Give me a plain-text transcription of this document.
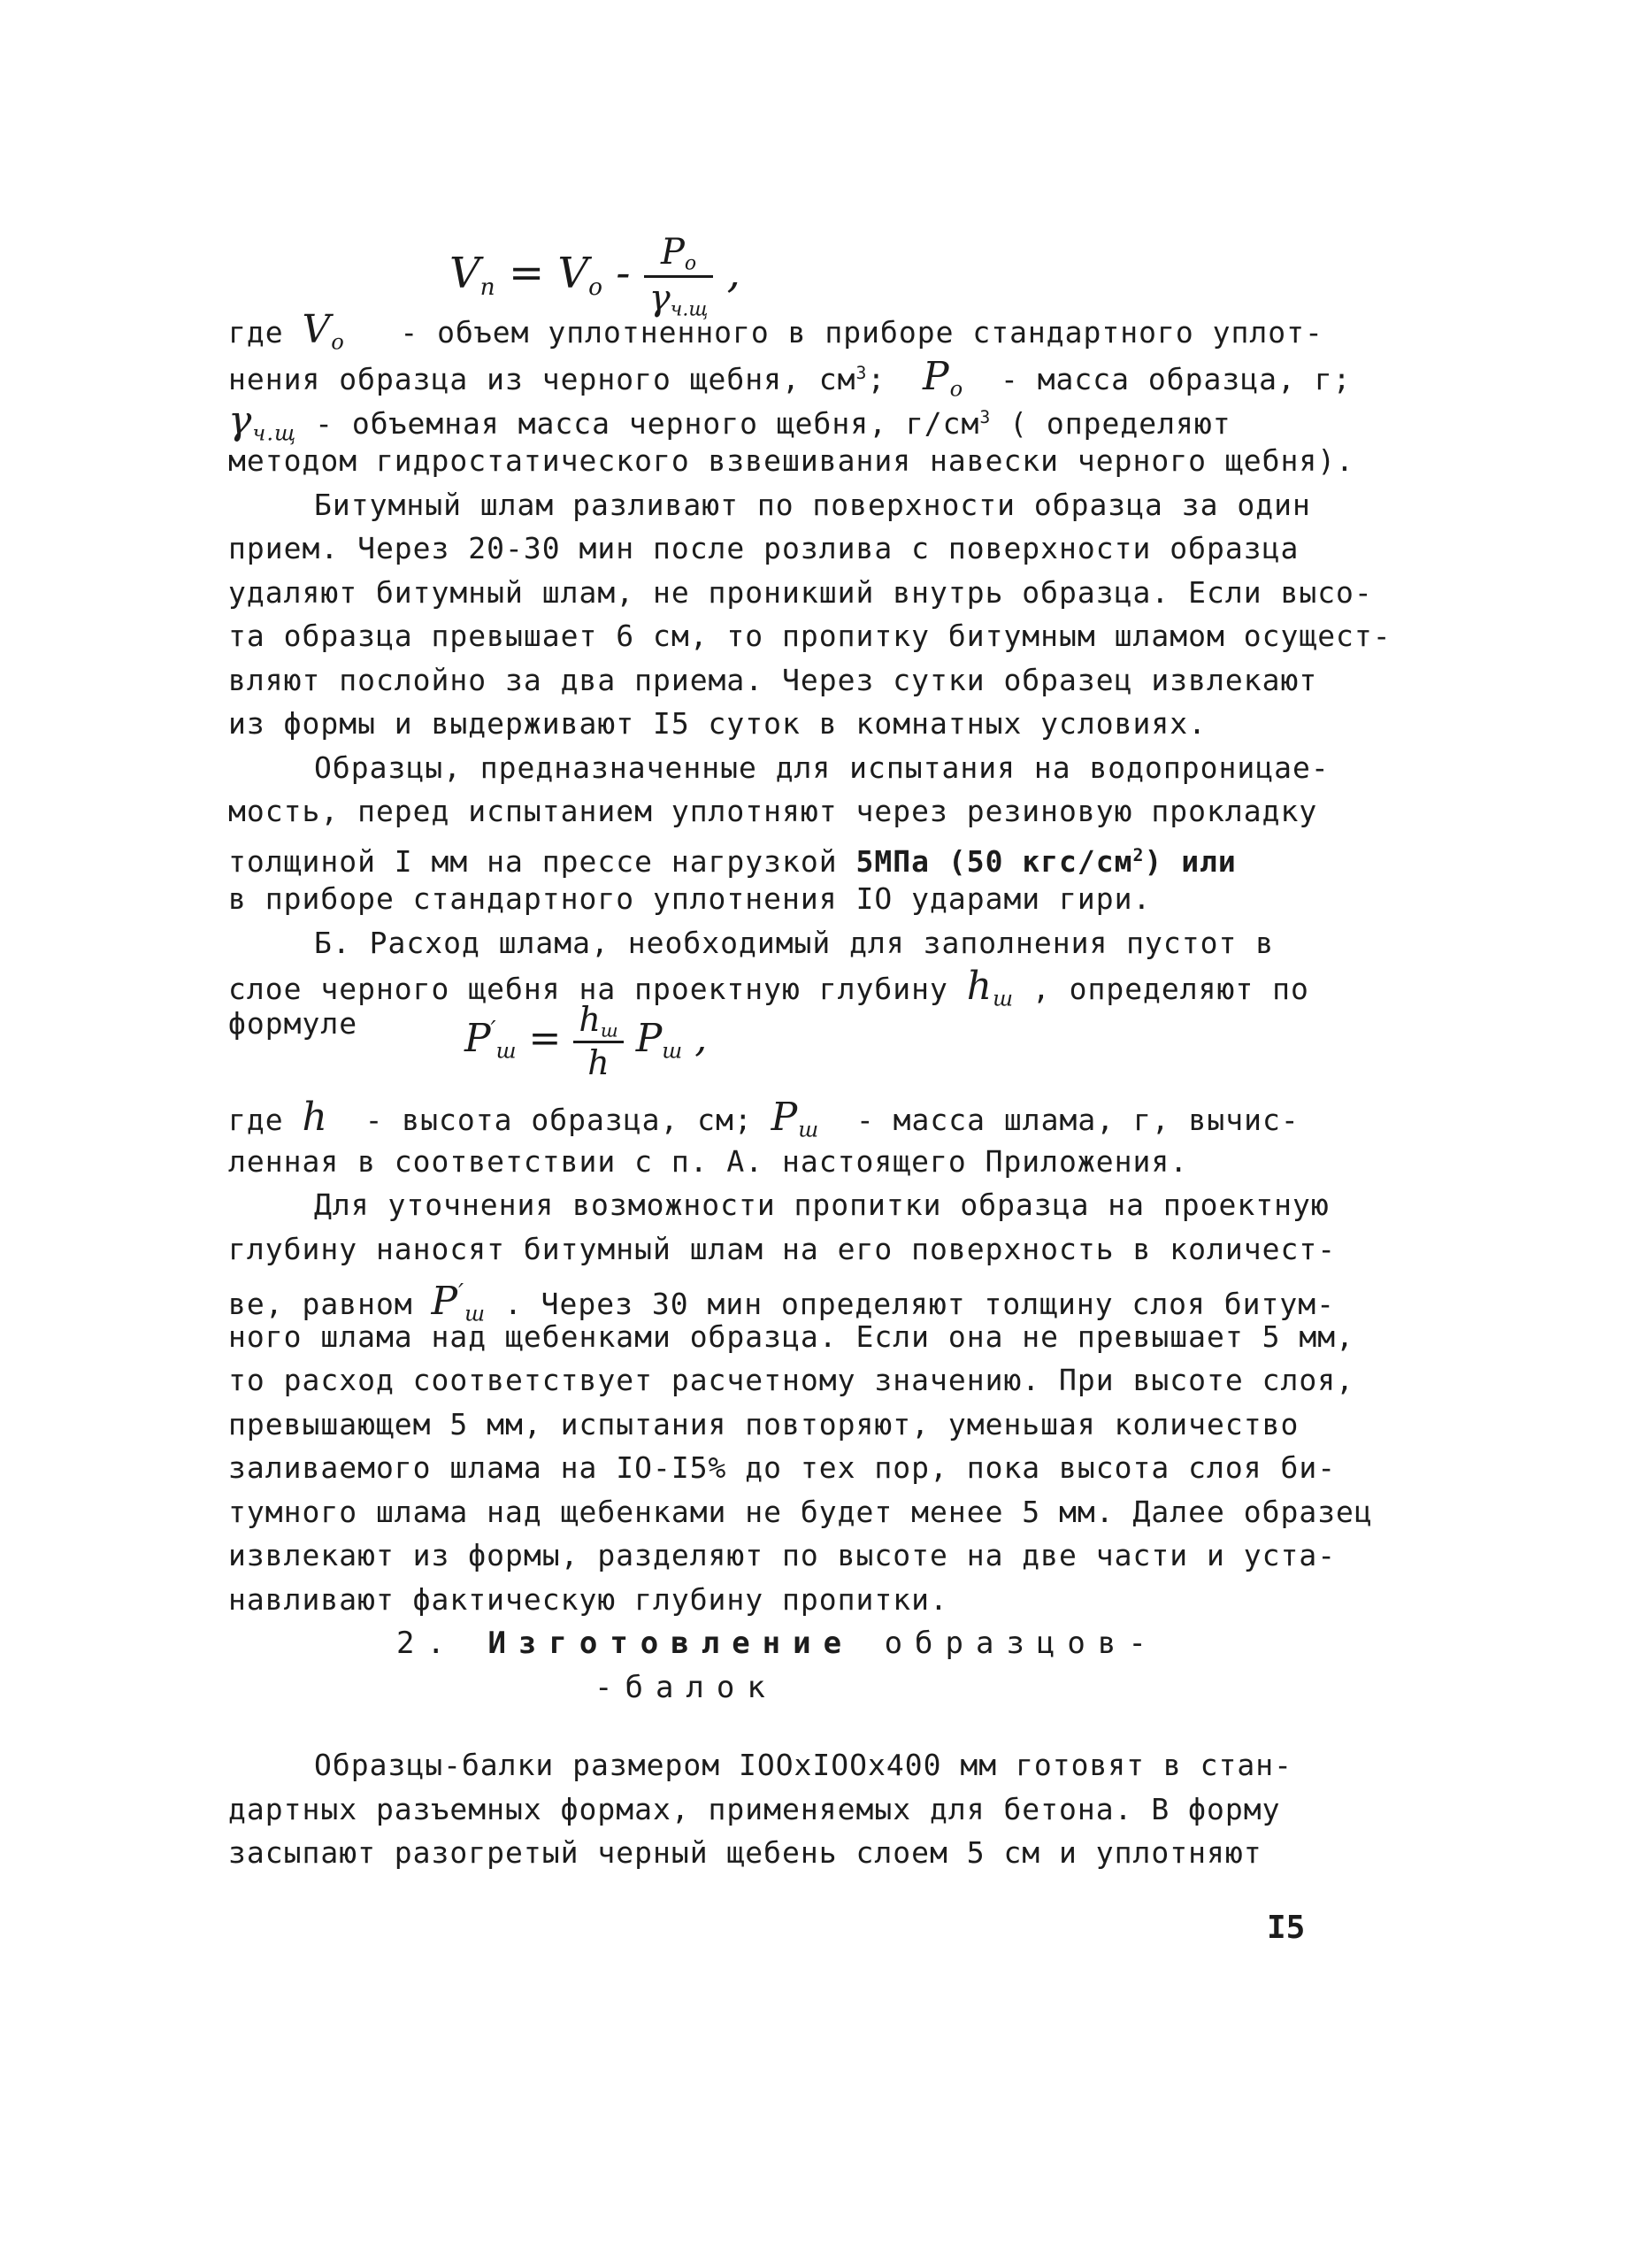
$V_п = V_о - \frac{P_о}{\gamma_{ч.щ}}$ ,
где $V_о$   - объем уплотненного в приборе стандартного уплот-
нения образца из черного щебня, $см^3$;  $P_о$  - масса образца, г;
$\gamma_{ч.щ}$ - объемная масса черного щебня, $г/см^3$ ( определяют
методом гидростатического взвешивания навески черного щебня).
Битумный шлам разливают по поверхности образца за один
прием. Через 20-30 мин после розлива с поверхности образца
удаляют битумный шлам, не проникший внутрь образца. Если высо-
та образца превышает 6 см, то пропитку битумным шламом осущест-
вляют послойно за два приема. Через сутки образец извлекают
из формы и выдерживают I5 суток в комнатных условиях.
Образцы, предназначенные для испытания на водопроницае-
мость, перед испытанием уплотняют через резиновую прокладку
толщиной I мм на прессе нагрузкой 5МПа (50 кгс/$см^2$) или
в приборе стандартного уплотнения IO ударами гири.
Б. Расход шлама, необходимый для заполнения пустот в
слое черного щебня на проектную глубину $h_ш$ , определяют по
формуле	$P'_ш = \frac{h_ш}{h} P_ш$ ,
где h  - высота образца, см; $P_ш$  - масса шлама, г, вычис-
ленная в соответствии с п. А. настоящего Приложения.
Для уточнения возможности пропитки образца на проектную
глубину наносят битумный шлам на его поверхность в количест-
ве, равном $P'_ш$ . Через 30 мин определяют толщину слоя битум-
ного шлама над щебенками образца. Если она не превышает 5 мм,
то расход соответствует расчетному значению. При высоте слоя,
превышающем 5 мм, испытания повторяют, уменьшая количество
заливаемого шлама на IO-I5% до тех пор, пока высота слоя би-
тумного шлама над щебенками не будет менее 5 мм. Далее образец
извлекают из формы, разделяют по высоте на две части и уста-
навливают фактическую глубину пропитки.
2. Изготовление образцов-
-балок
Образцы-балки размером IOOxIOOx400 мм готовят в стан-
дартных разъемных формах, применяемых для бетона. В форму
засыпают разогретый черный щебень слоем 5 см и уплотняют
I5
